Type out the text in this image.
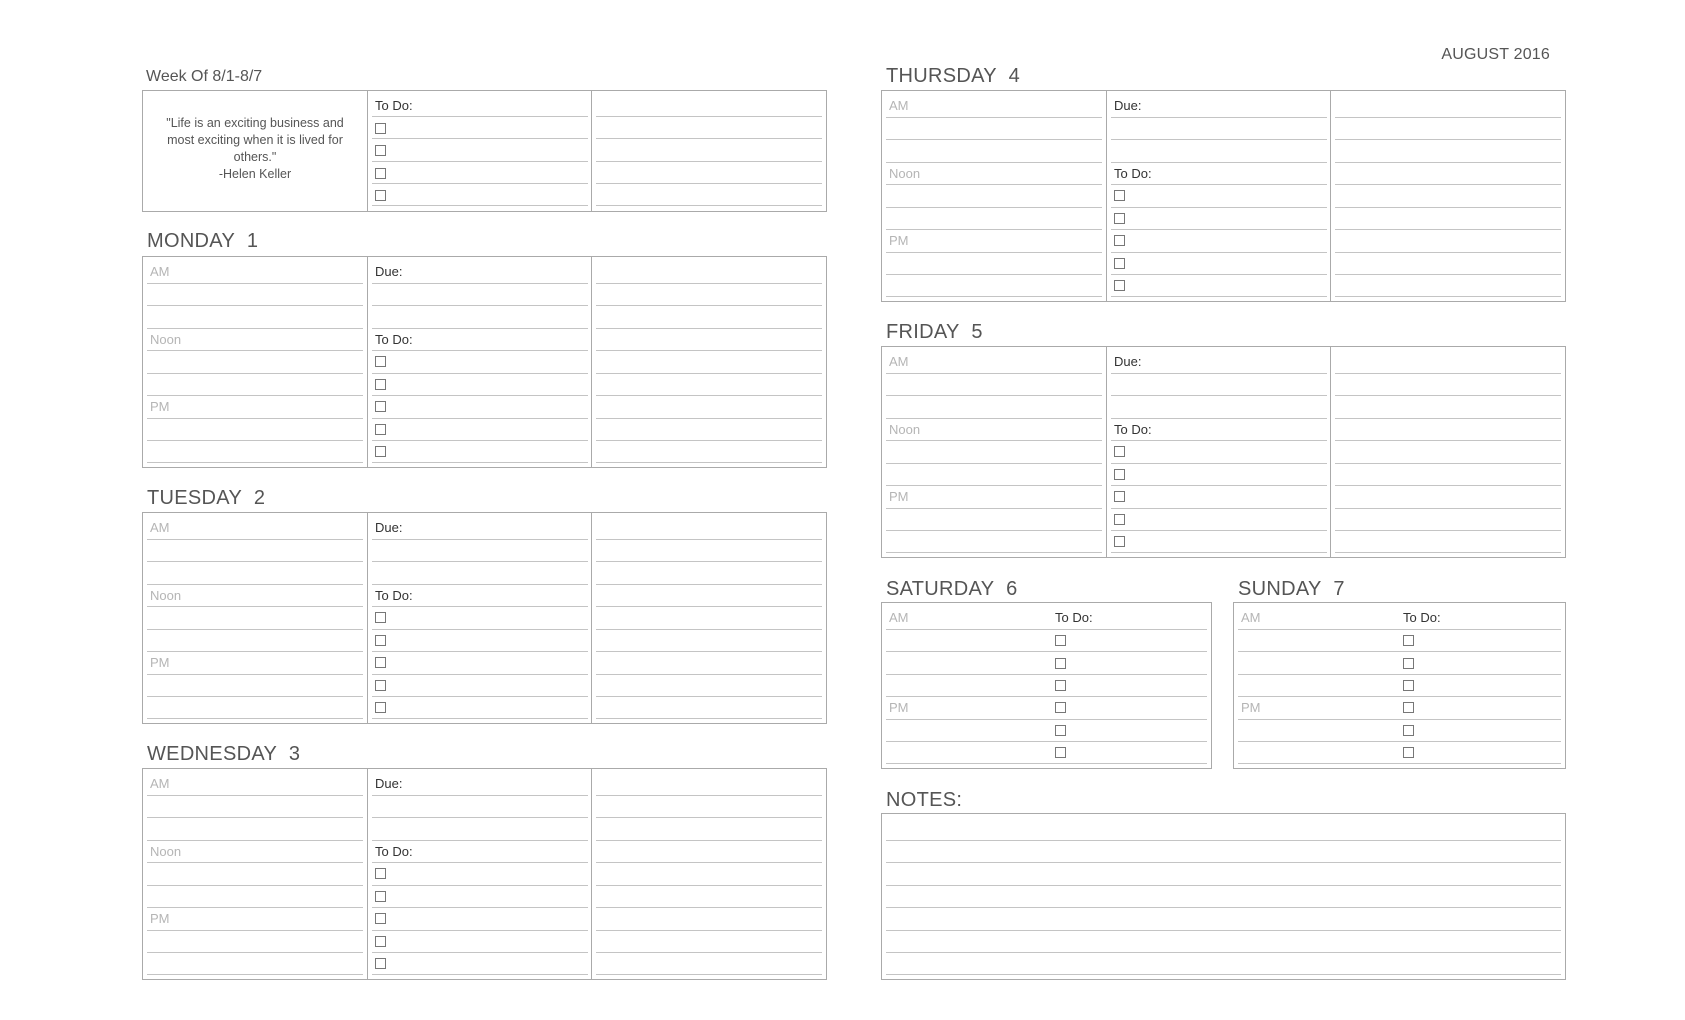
Week Of 8/1-8/7
AUGUST 2016
"Life is an exciting business and most exciting when it is lived for others."
-Helen Keller
To Do:
MONDAY 1
AM
Noon
PM
Due:
To Do:
TUESDAY 2
AM
Noon
PM
Due:
To Do:
WEDNESDAY 3
AM
Noon
PM
Due:
To Do:
THURSDAY 4
AM
Noon
PM
Due:
To Do:
FRIDAY 5
AM
Noon
PM
Due:
To Do:
SATURDAY 6
AM	To Do:
PM
SUNDAY 7
AM	To Do:
PM
NOTES:
